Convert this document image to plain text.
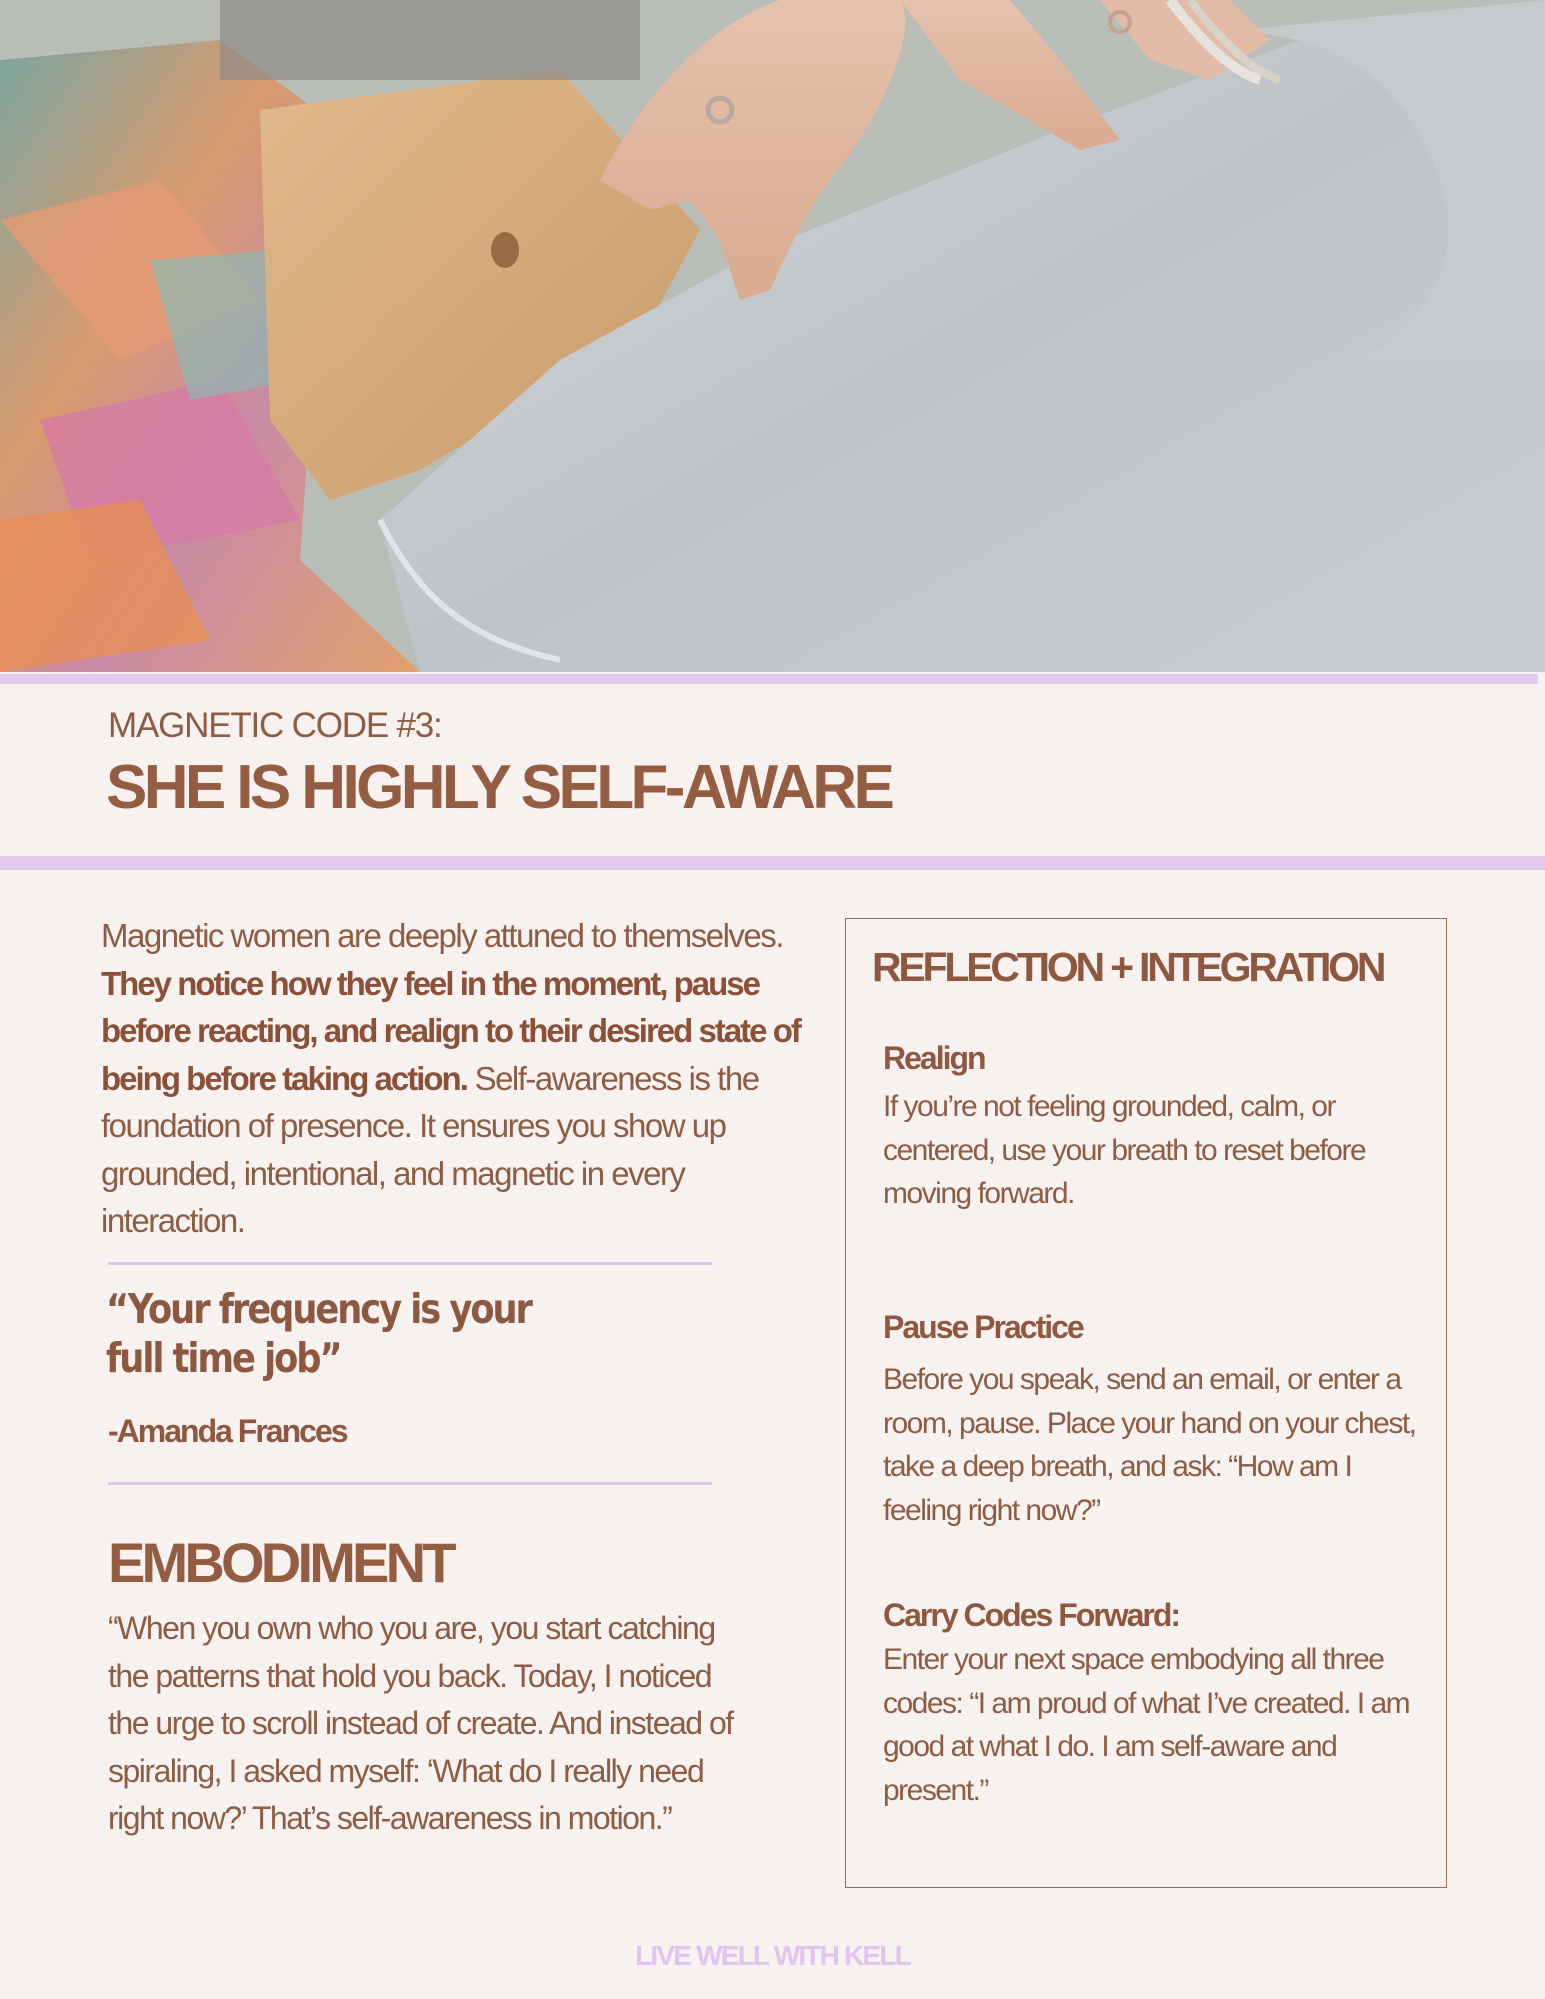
MAGNETIC CODE #3:
SHE IS HIGHLY SELF-AWARE
Magnetic women are deeply attuned to themselves. They notice how they feel in the moment, pause before reacting, and realign to their desired state of being before taking action. Self-awareness is the foundation of presence. It ensures you show up grounded, intentional, and magnetic in every interaction.
“Your frequency is your full time job”
-Amanda Frances
EMBODIMENT
“When you own who you are, you start catching the patterns that hold you back. Today, I noticed the urge to scroll instead of create. And instead of spiraling, I asked myself: ‘What do I really need right now?’ That’s self-awareness in motion.”
REFLECTION + INTEGRATION
Realign
If you’re not feeling grounded, calm, or centered, use your breath to reset before moving forward.
Pause Practice
Before you speak, send an email, or enter a room, pause. Place your hand on your chest, take a deep breath, and ask: “How am I feeling right now?”
Carry Codes Forward:
Enter your next space embodying all three codes: “I am proud of what I’ve created. I am good at what I do. I am self-aware and present.”
LIVE WELL WITH KELL
